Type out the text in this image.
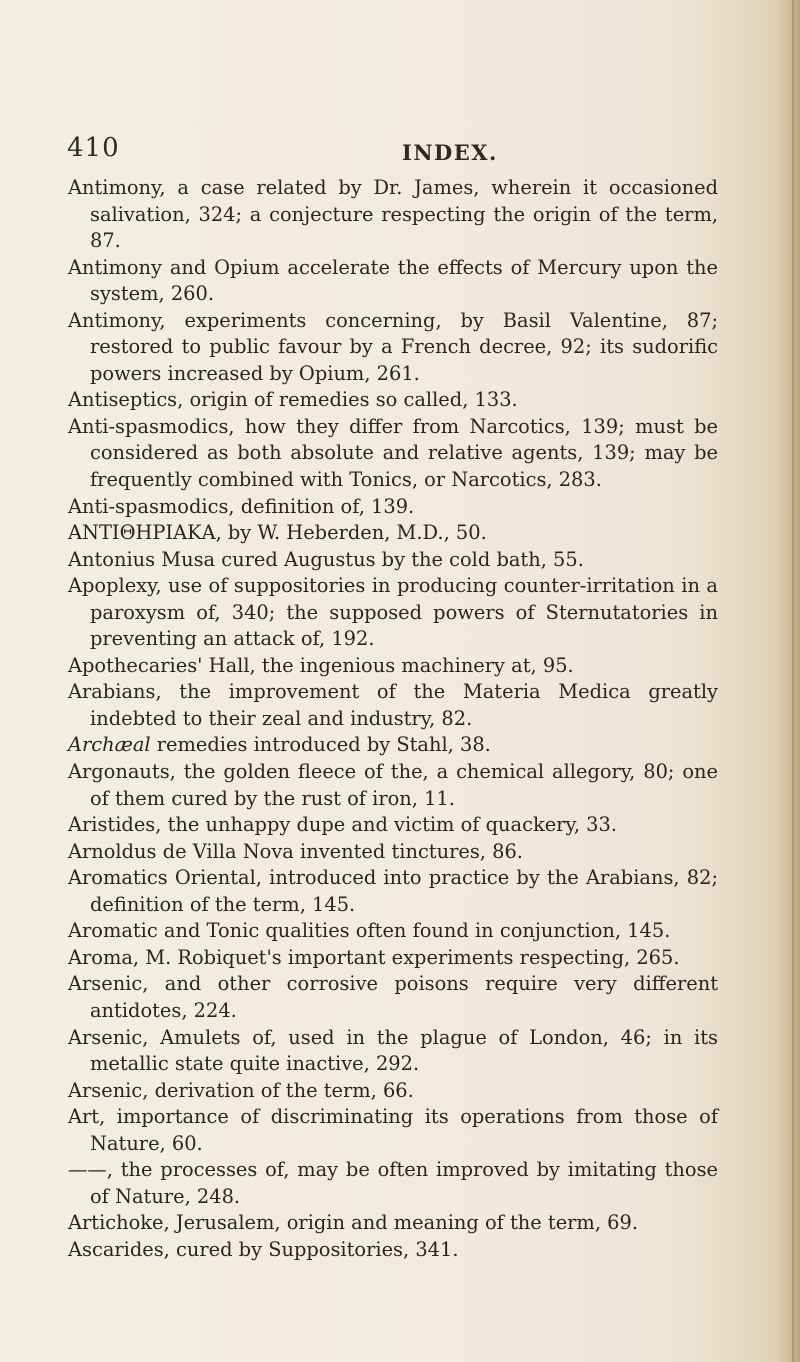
410	INDEX.

Antimony, a case related by Dr. James, wherein it occasioned salivation, 324; a conjecture respecting the origin of the term, 87.

Antimony and Opium accelerate the effects of Mercury upon the system, 260.

Antimony, experiments concerning, by Basil Valentine, 87; restored to public favour by a French decree, 92; its sudorific powers increased by Opium, 261.

Antiseptics, origin of remedies so called, 133.

Anti-spasmodics, how they differ from Narcotics, 139; must be considered as both absolute and relative agents, 139; may be frequently combined with Tonics, or Narcotics, 283.

Anti-spasmodics, definition of, 139.

ΑΝΤΙΘΗΡΙΑΚΑ, by W. Heberden, M.D., 50.

Antonius Musa cured Augustus by the cold bath, 55.

Apoplexy, use of suppositories in producing counter-irritation in a paroxysm of, 340; the supposed powers of Sternutatories in preventing an attack of, 192.

Apothecaries' Hall, the ingenious machinery at, 95.

Arabians, the improvement of the Materia Medica greatly indebted to their zeal and industry, 82.

Archæal remedies introduced by Stahl, 38.

Argonauts, the golden fleece of the, a chemical allegory, 80; one of them cured by the rust of iron, 11.

Aristides, the unhappy dupe and victim of quackery, 33.

Arnoldus de Villa Nova invented tinctures, 86.

Aromatics Oriental, introduced into practice by the Arabians, 82; definition of the term, 145.

Aromatic and Tonic qualities often found in conjunction, 145.

Aroma, M. Robiquet's important experiments respecting, 265.

Arsenic, and other corrosive poisons require very different antidotes, 224.

Arsenic, Amulets of, used in the plague of London, 46; in its metallic state quite inactive, 292.

Arsenic, derivation of the term, 66.

Art, importance of discriminating its operations from those of Nature, 60.

——, the processes of, may be often improved by imitating those of Nature, 248.

Artichoke, Jerusalem, origin and meaning of the term, 69.

Ascarides, cured by Suppositories, 341.
